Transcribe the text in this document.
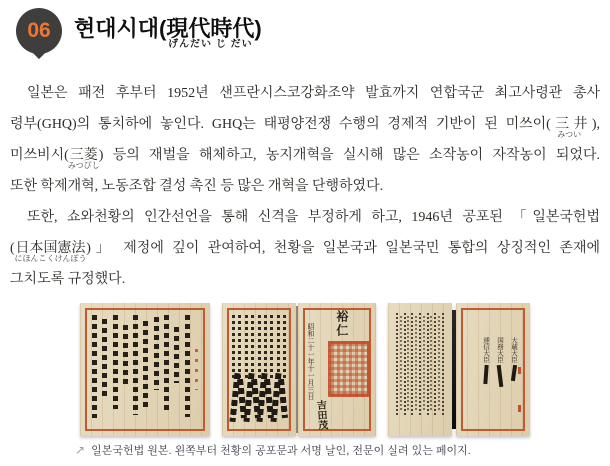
06 현대시대(現代時代げんだい じ だい)
일본은 패전 후부터 1952년 샌프란시스코강화조약 발효까지 연합국군 최고사령관 총사
령부(GHQ)의 통치하에 놓인다. GHQ는 태평양전쟁 수행의 경제적 기반이 된 미쓰이(三井みつい),
미쓰비시(三菱みつびし) 등의 재벌을 해체하고, 농지개혁을 실시해 많은 소작농이 자작농이 되었다.
또한 학제개혁, 노동조합 결성 촉진 등 많은 개혁을 단행하였다.
또한, 쇼와천황의 인간선언을 통해 신격을 부정하게 하고, 1946년 공포된 「일본국헌법
(日本国憲法にほんこくけんぽう)」 제정에 깊이 관여하여, 천황을 일본국과 일본국민 통합의 상징적인 존재에
그치도록 규정했다.
裕仁
昭和二十一年十一月三日
吉田茂
大蔵大臣
国務大臣
逓信大臣
↗ 일본국헌법 원본. 왼쪽부터 천황의 공포문과 서명 날인, 전문이 실려 있는 페이지.
